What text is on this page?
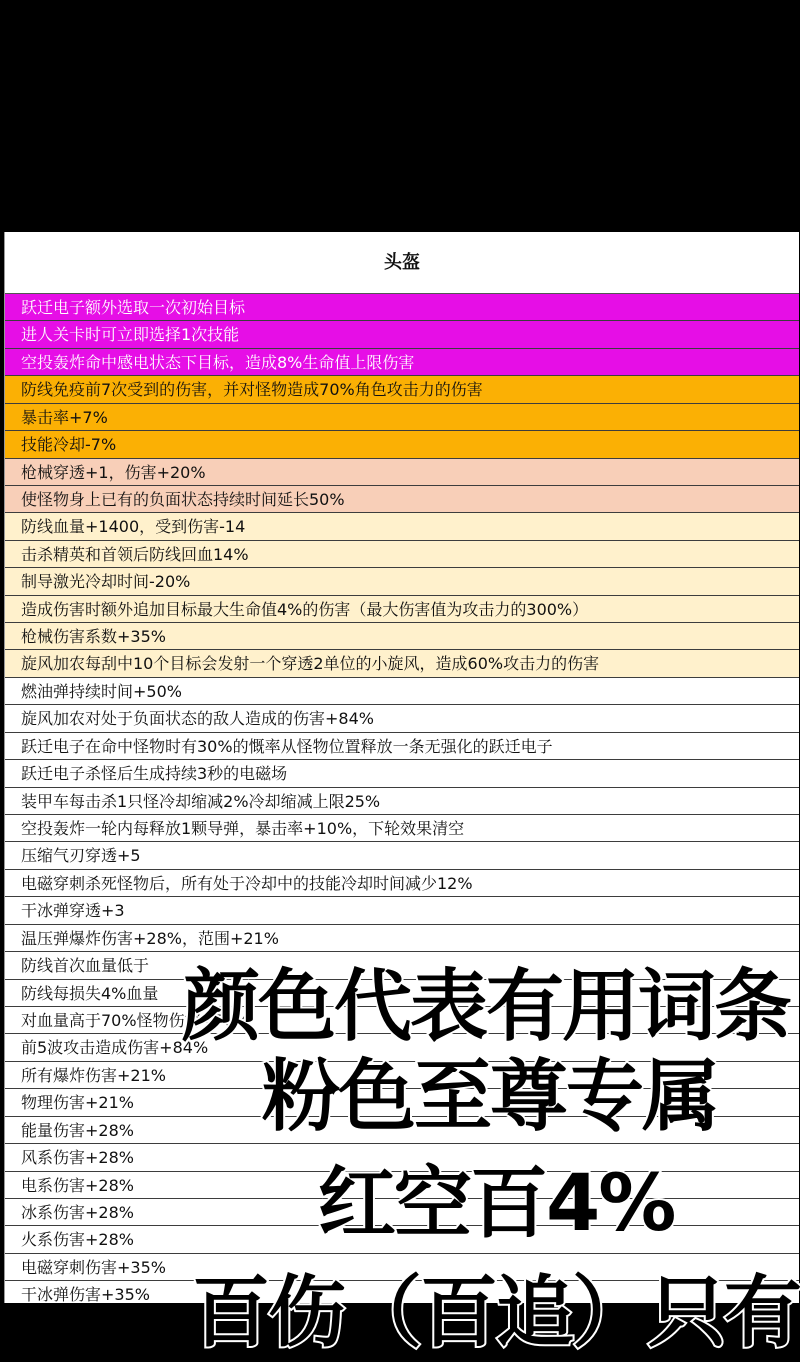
头盔
跃迁电子额外选取一次初始目标
进人关卡时可立即选择1次技能
空投轰炸命中感电状态下目标，造成8%生命值上限伤害
防线免疫前7次受到的伤害，并对怪物造成70%角色攻击力的伤害
暴击率+7%
技能冷却-7%
枪械穿透+1，伤害+20%
使怪物身上已有的负面状态持续时间延长50%
防线血量+1400，受到伤害-14
击杀精英和首领后防线回血14%
制导激光冷却时间-20%
造成伤害时额外追加目标最大生命值4%的伤害（最大伤害值为攻击力的300%）
枪械伤害系数+35%
旋风加农每刮中10个目标会发射一个穿透2单位的小旋风，造成60%攻击力的伤害
燃油弹持续时间+50%
旋风加农对处于负面状态的敌人造成的伤害+84%
跃迁电子在命中怪物时有30%的慨率从怪物位置释放一条无强化的跃迁电子
跃迁电子杀怪后生成持续3秒的电磁场
装甲车每击杀1只怪冷却缩减2%冷却缩减上限25%
空投轰炸一轮内每释放1颗导弹，暴击率+10%，下轮效果清空
压缩气刃穿透+5
电磁穿刺杀死怪物后，所有处于冷却中的技能冷却时间减少12%
干冰弹穿透+3
温压弹爆炸伤害+28%，范围+21%
防线首次血量低于
防线每损失4%血量
对血量高于70%怪物伤害+70%
前5波攻击造成伤害+84%
所有爆炸伤害+21%
物理伤害+21%
能量伤害+28%
风系伤害+28%
电系伤害+28%
冰系伤害+28%
火系伤害+28%
电磁穿刺伤害+35%
干冰弹伤害+35%
颜色代表有用词条
粉色至尊专属
红空百4%
百伤（百追）只有
